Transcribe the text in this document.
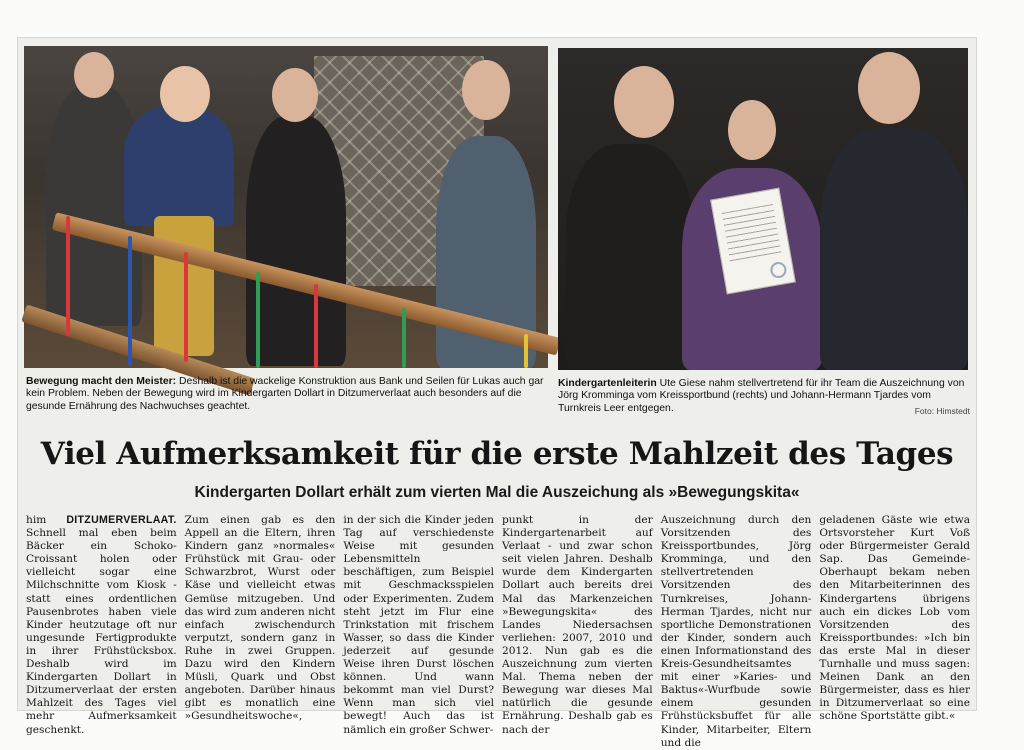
Bewegung macht den Meister: Deshalb ist die wackelige Konstruktion aus Bank und Seilen für Lukas auch gar kein Problem. Neben der Bewegung wird im Kindergarten Dollart in Ditzumerverlaat auch besonders auf die gesunde Ernährung des Nachwuchses geachtet.

Kindergartenleiterin Ute Giese nahm stellvertretend für ihr Team die Auszeichnung von Jörg Kromminga vom Kreissportbund (rechts) und Johann-Hermann Tjardes vom Turnkreis Leer entgegen.	Foto: Himstedt
Viel Aufmerksamkeit für die erste Mahlzeit des Tages
Kindergarten Dollart erhält zum vierten Mal die Auszeichung als »Bewegungskita«

him DITZUMERVERLAAT. Schnell mal eben beim Bäcker ein Schoko-Croissant holen oder vielleicht sogar eine Milchschnitte vom Kiosk - statt eines ordentlichen Pausenbrotes haben viele Kinder heutzutage oft nur ungesunde Fertigprodukte in ihrer Frühstücksbox. Deshalb wird im Kindergarten Dollart in Ditzumerverlaat der ersten Mahlzeit des Tages viel mehr Aufmerksamkeit geschenkt.

Zum einen gab es den Appell an die Eltern, ihren Kindern ganz »normales« Frühstück mit Grau- oder Schwarzbrot, Wurst oder Käse und vielleicht etwas Gemüse mitzugeben. Und das wird zum anderen nicht einfach zwischendurch verputzt, sondern ganz in Ruhe in zwei Gruppen. Dazu wird den Kindern Müsli, Quark und Obst angeboten. Darüber hinaus gibt es monatlich eine »Gesundheitswoche«,

in der sich die Kinder jeden Tag auf verschiedenste Weise mit gesunden Lebensmitteln beschäftigen, zum Beispiel mit Geschmacksspielen oder Experimenten. Zudem steht jetzt im Flur eine Trinkstation mit frischem Wasser, so dass die Kinder jederzeit auf gesunde Weise ihren Durst löschen können. Und wann bekommt man viel Durst? Wenn man sich viel bewegt! Auch das ist nämlich ein großer Schwer-

punkt in der Kindergartenarbeit auf Verlaat - und zwar schon seit vielen Jahren. Deshalb wurde dem Kindergarten Dollart auch bereits drei Mal das Markenzeichen »Bewegungskita« des Landes Niedersachsen verliehen: 2007, 2010 und 2012. Nun gab es die Auszeichnung zum vierten Mal. Thema neben der Bewegung war dieses Mal natürlich die gesunde Ernährung. Deshalb gab es nach der

Auszeichnung durch den Vorsitzenden des Kreissportbundes, Jörg Kromminga, und den stellvertretenden Vorsitzenden des Turnkreises, Johann-Herman Tjardes, nicht nur sportliche Demonstrationen der Kinder, sondern auch einen Informationstand des Kreis-Gesundheitsamtes mit einer »Karies- und Baktus«-Wurfbude sowie einem gesunden Frühstücksbuffet für alle Kinder, Mitarbeiter, Eltern und die

geladenen Gäste wie etwa Ortsvorsteher Kurt Voß oder Bürgermeister Gerald Sap. Das Gemeinde-Oberhaupt bekam neben den Mitarbeiterinnen des Kindergartens übrigens auch ein dickes Lob vom Vorsitzenden des Kreissportbundes: »Ich bin das erste Mal in dieser Turnhalle und muss sagen: Meinen Dank an den Bürgermeister, dass es hier in Ditzumerverlaat so eine schöne Sportstätte gibt.«
